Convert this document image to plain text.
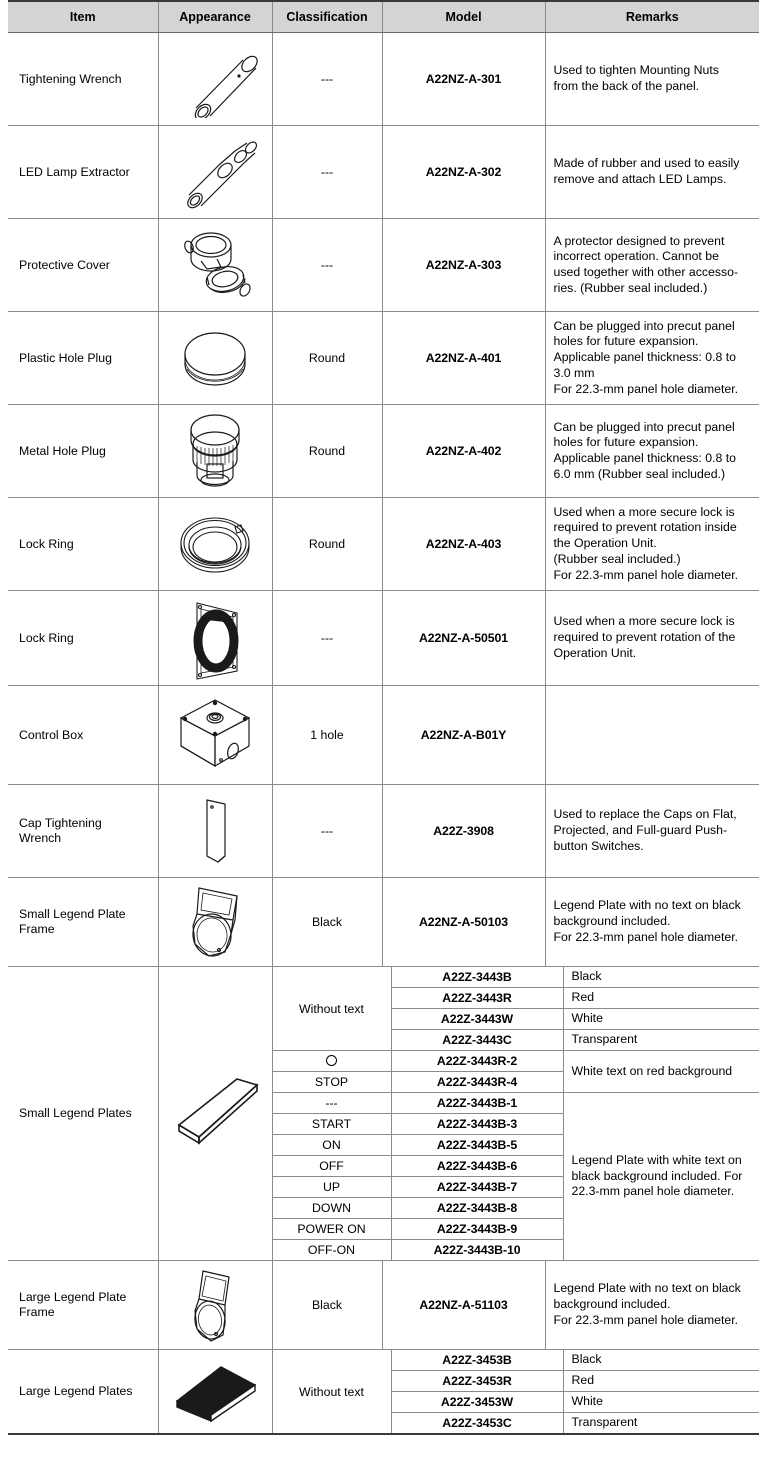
Item	Appearance	Classification	Model	Remarks
Tightening Wrench		---	A22NZ-A-301	
Used to tighten Mounting Nuts
from the back of the panel.

LED Lamp Extractor		---	A22NZ-A-302	
Made of rubber and used to easily
remove and attach LED Lamps.

Protective Cover		---	A22NZ-A-303	
A protector designed to prevent
incorrect operation. Cannot be
used together with other accesso-
ries. (Rubber seal included.)

Plastic Hole Plug		Round	A22NZ-A-401	
Can be plugged into precut panel
holes for future expansion.
Applicable panel thickness: 0.8 to
3.0 mm
For 22.3-mm panel hole diameter.

Metal Hole Plug		Round	A22NZ-A-402	
Can be plugged into precut panel
holes for future expansion.
Applicable panel thickness: 0.8 to
6.0 mm (Rubber seal included.)

Lock Ring		Round	A22NZ-A-403	
Used when a more secure lock is
required to prevent rotation inside
the Operation Unit.
(Rubber seal included.)
For 22.3-mm panel hole diameter.

Lock Ring		---	A22NZ-A-50501	
Used when a more secure lock is
required to prevent rotation of the
Operation Unit.

Control Box		1 hole	A22NZ-A-B01Y	
Cap Tightening
Wrench		---	A22Z-3908	
Used to replace the Caps on Flat,
Projected, and Full-guard Push-
button Switches.

Small Legend Plate
Frame		Black	A22NZ-A-50103	
Legend Plate with no text on black
background included.
For 22.3-mm panel hole diameter.

Small Legend Plates	

Without text	A22Z-3443B	Black
A22Z-3443R	Red
A22Z-3443W	White
A22Z-3443C	Transparent
	A22Z-3443R-2	White text on red background
STOP	A22Z-3443R-4
---	A22Z-3443B-1	Legend Plate with white text on black background included. For 22.3-mm panel hole diameter.
START	A22Z-3443B-3
ON	A22Z-3443B-5
OFF	A22Z-3443B-6
UP	A22Z-3443B-7
DOWN	A22Z-3443B-8
POWER ON	A22Z-3443B-9
OFF-ON	A22Z-3443B-10

Large Legend Plate
Frame		Black	A22NZ-A-51103	
Legend Plate with no text on black
background included.
For 22.3-mm panel hole diameter.

Large Legend Plates	
		Without text	A22Z-3453B	Black
A22Z-3453R	Red
A22Z-3453W	White
A22Z-3453C	Transparent
